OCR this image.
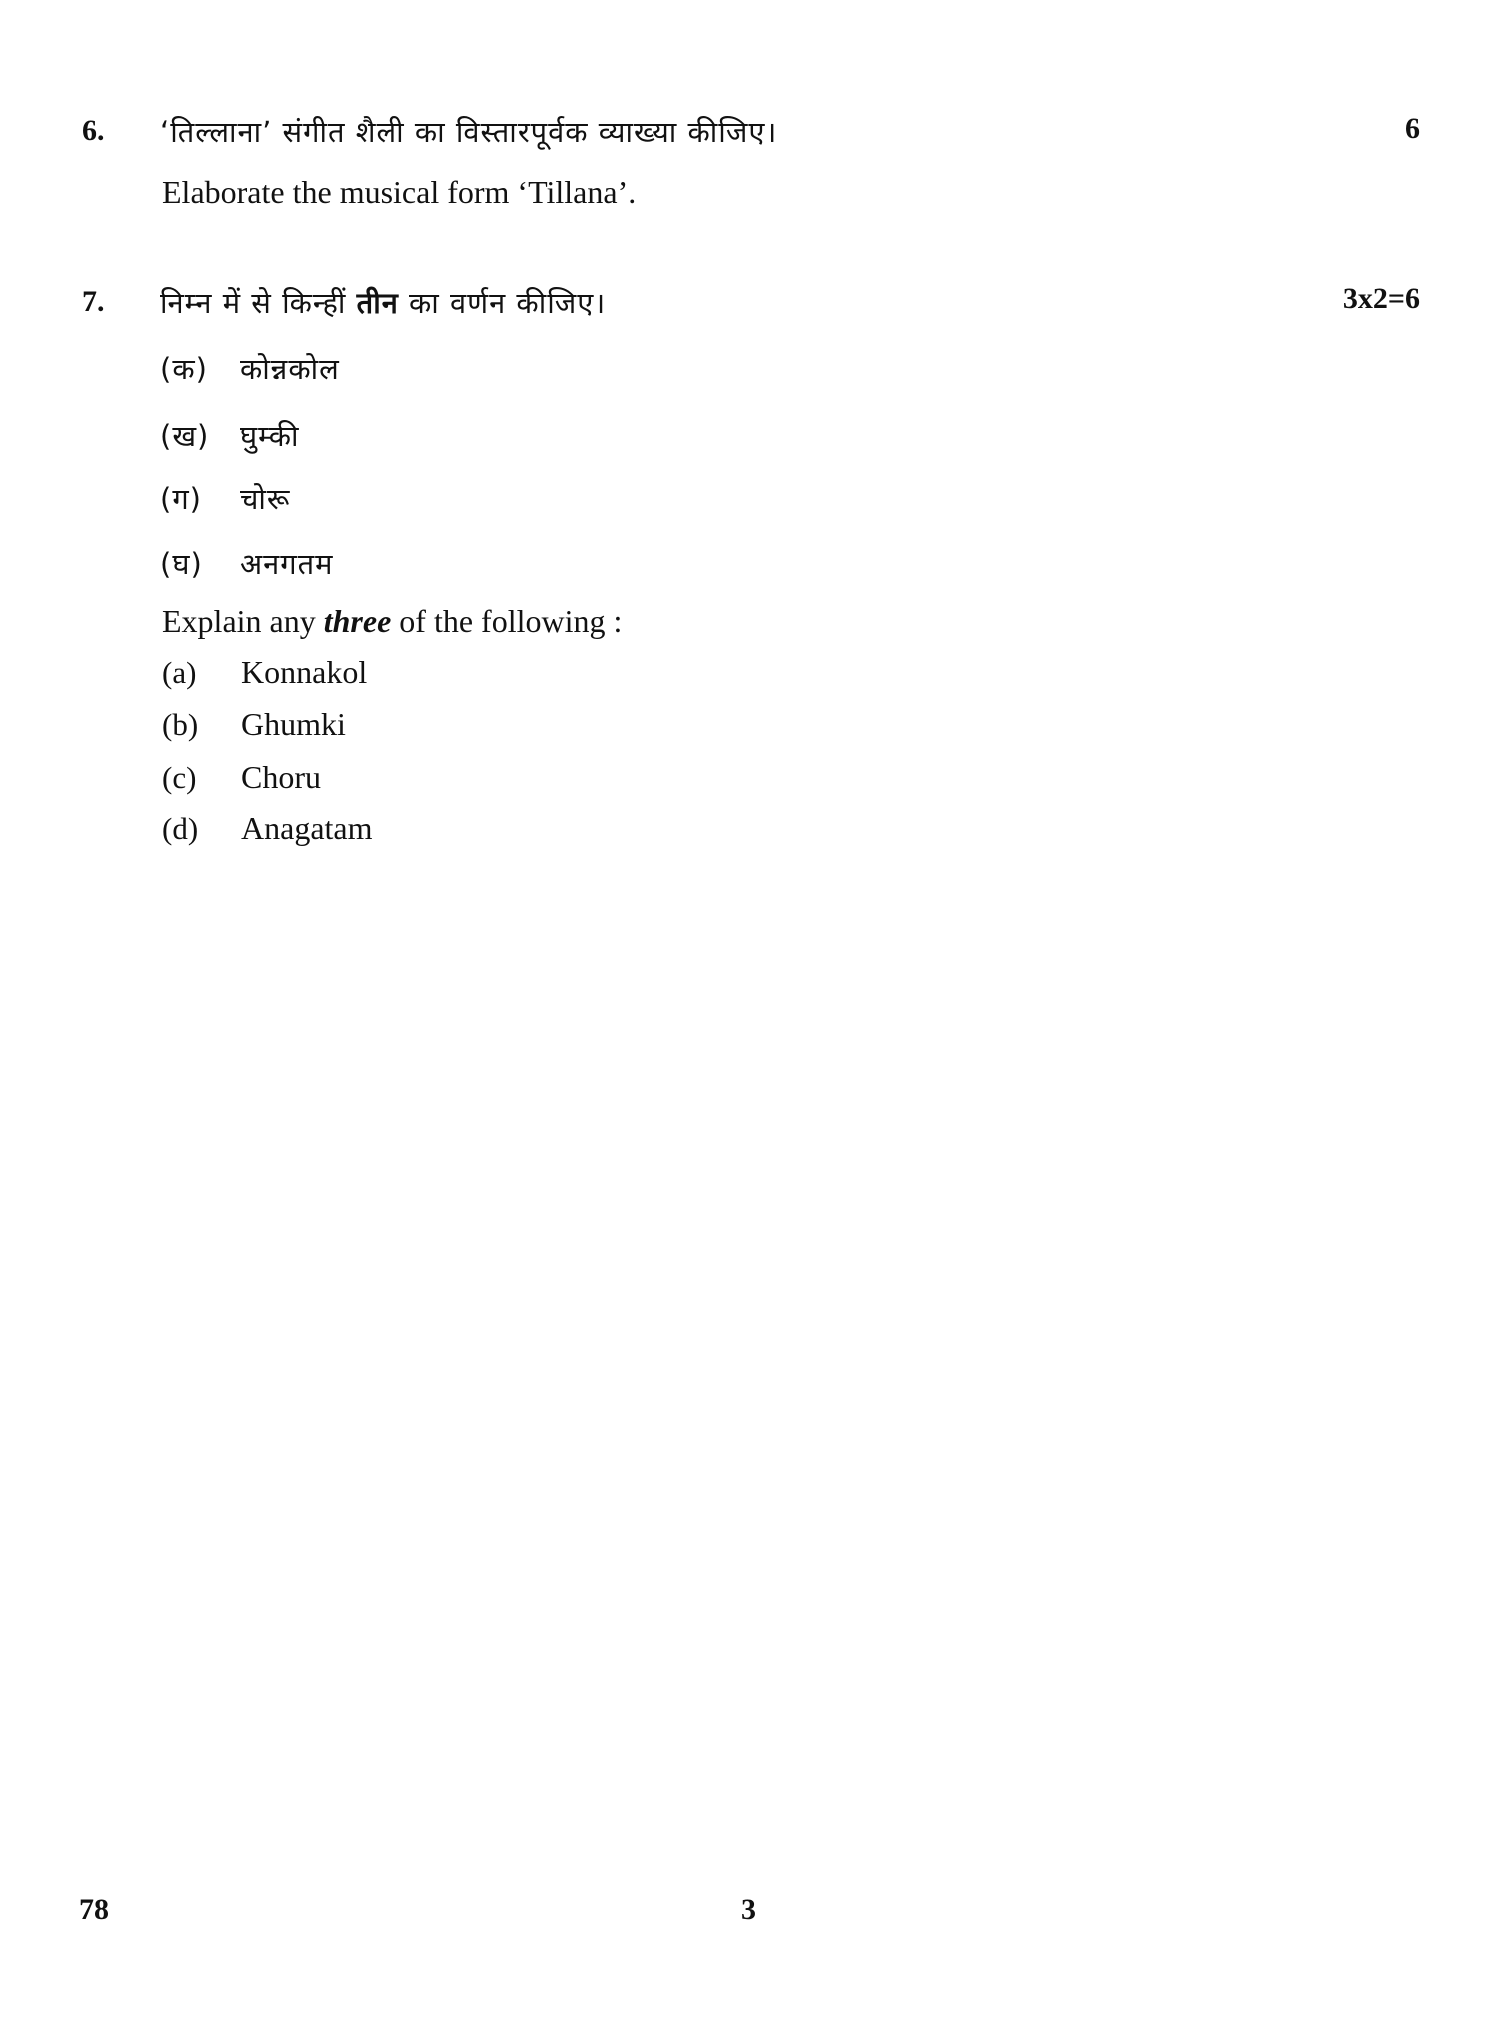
6. ‘तिल्लाना’ संगीत शैली का विस्तारपूर्वक व्याख्या कीजिए।	6
Elaborate the musical form ‘Tillana’.
7. निम्न में से किन्हीं तीन का वर्णन कीजिए।	3x2=6
(क) कोन्नकोल
(ख) घुम्की
(ग) चोरू
(घ) अनगतम
Explain any three of the following :
(a) Konnakol
(b) Ghumki
(c) Choru
(d) Anagatam
78	3
